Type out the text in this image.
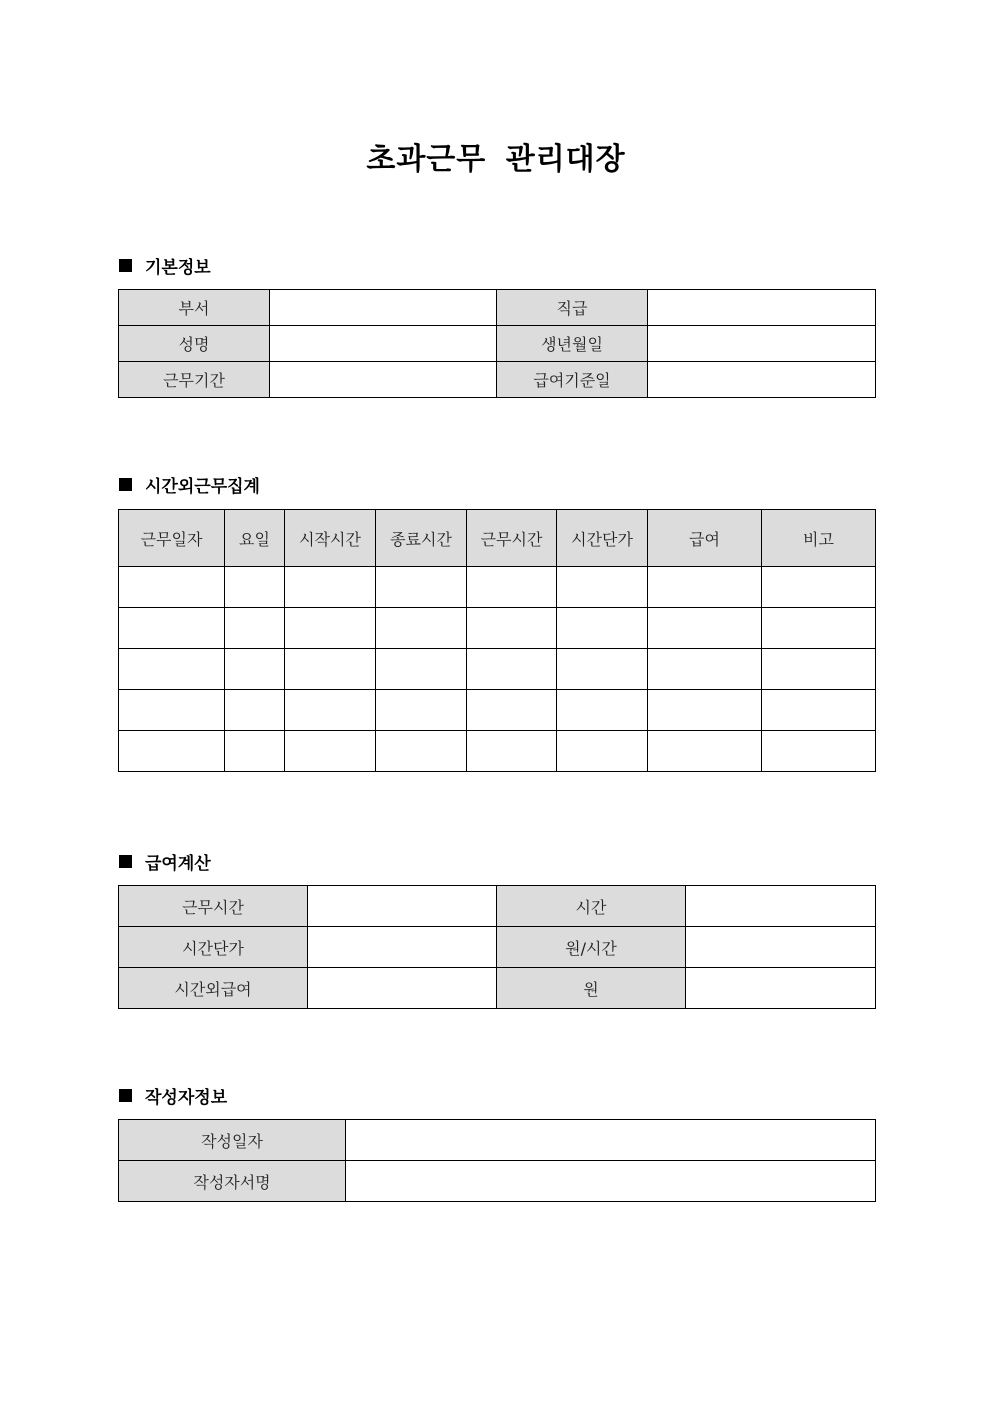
초과근무 관리대장
기본정보
부서		직급	
성명		생년월일	
근무기간		급여기준일	
시간외근무집계
근무일자	요일	시작시간	종료시간	근무시간	시간단가	급여	비고

급여계산
근무시간		시간	
시간단가		원/시간	
시간외급여		원	
작성자정보
작성일자	
작성자서명	
